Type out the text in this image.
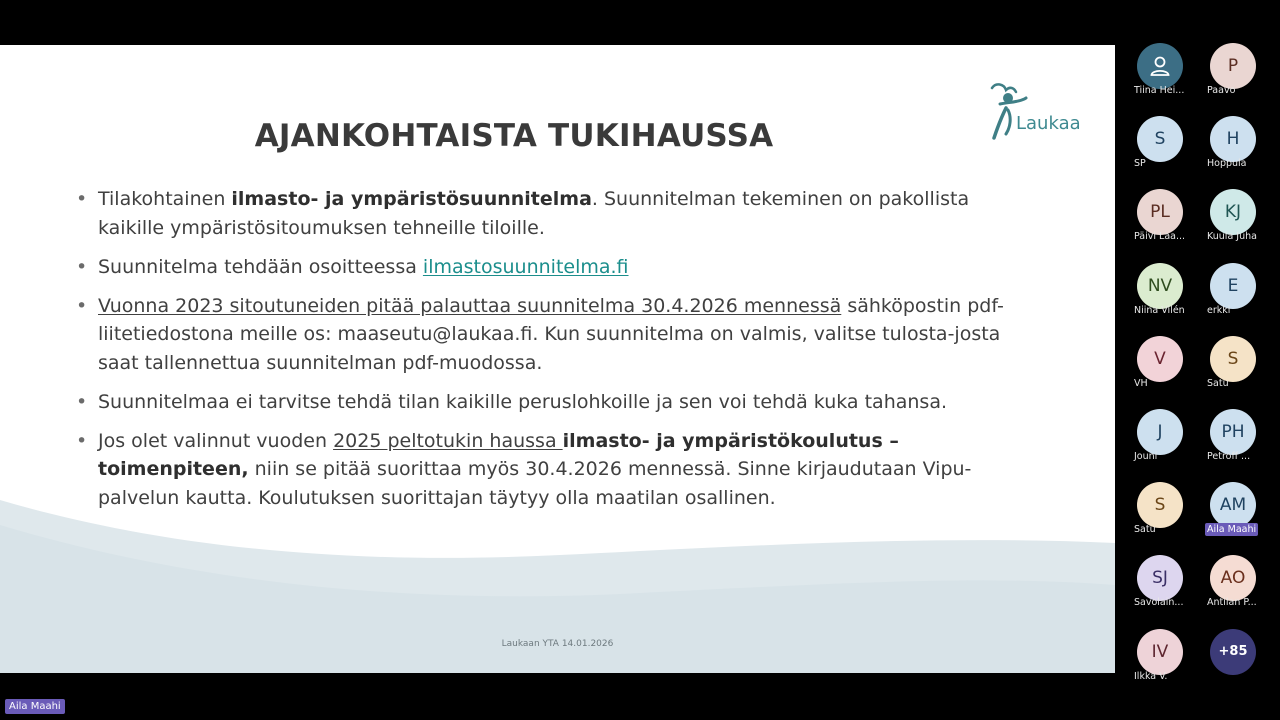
AJANKOHTAISTA TUKIHAUSSA	Laukaa
• Tilakohtainen ilmasto- ja ympäristösuunnitelma. Suunnitelman tekeminen on pakollista kaikille ympäristösitoumuksen tehneille tiloille.
• Suunnitelma tehdään osoitteessa ilmastosuunnitelma.fi
• Vuonna 2023 sitoutuneiden pitää palauttaa suunnitelma 30.4.2026 mennessä sähköpostin pdf-liitetiedostona meille os: maaseutu@laukaa.fi. Kun suunnitelma on valmis, valitse tulosta-josta saat tallennettua suunnitelman pdf-muodossa.
• Suunnitelmaa ei tarvitse tehdä tilan kaikille peruslohkoille ja sen voi tehdä kuka tahansa.
• Jos olet valinnut vuoden 2025 peltotukin haussa ilmasto- ja ympäristökoulutus – toimenpiteen, niin se pitää suorittaa myös 30.4.2026 mennessä. Sinne kirjaudutaan Vipu-palvelun kautta. Koulutuksen suorittajan täytyy olla maatilan osallinen.
Laukaan YTA 14.01.2026
Tiina Hei...
P
Paavo
S
SP
H
Hoppula
PL
Päivi Laa...
KJ
Kuula Juha
NV
Niina Vilén
E
erkki
V
VH
S
Satu
J
Jouni
PH
Petroff ...
S
Satu
AM
Aila Maahi
SJ
Savolain...
AO
Antilan P...
IV
Ilkka V.
+85
Aila Maahi
